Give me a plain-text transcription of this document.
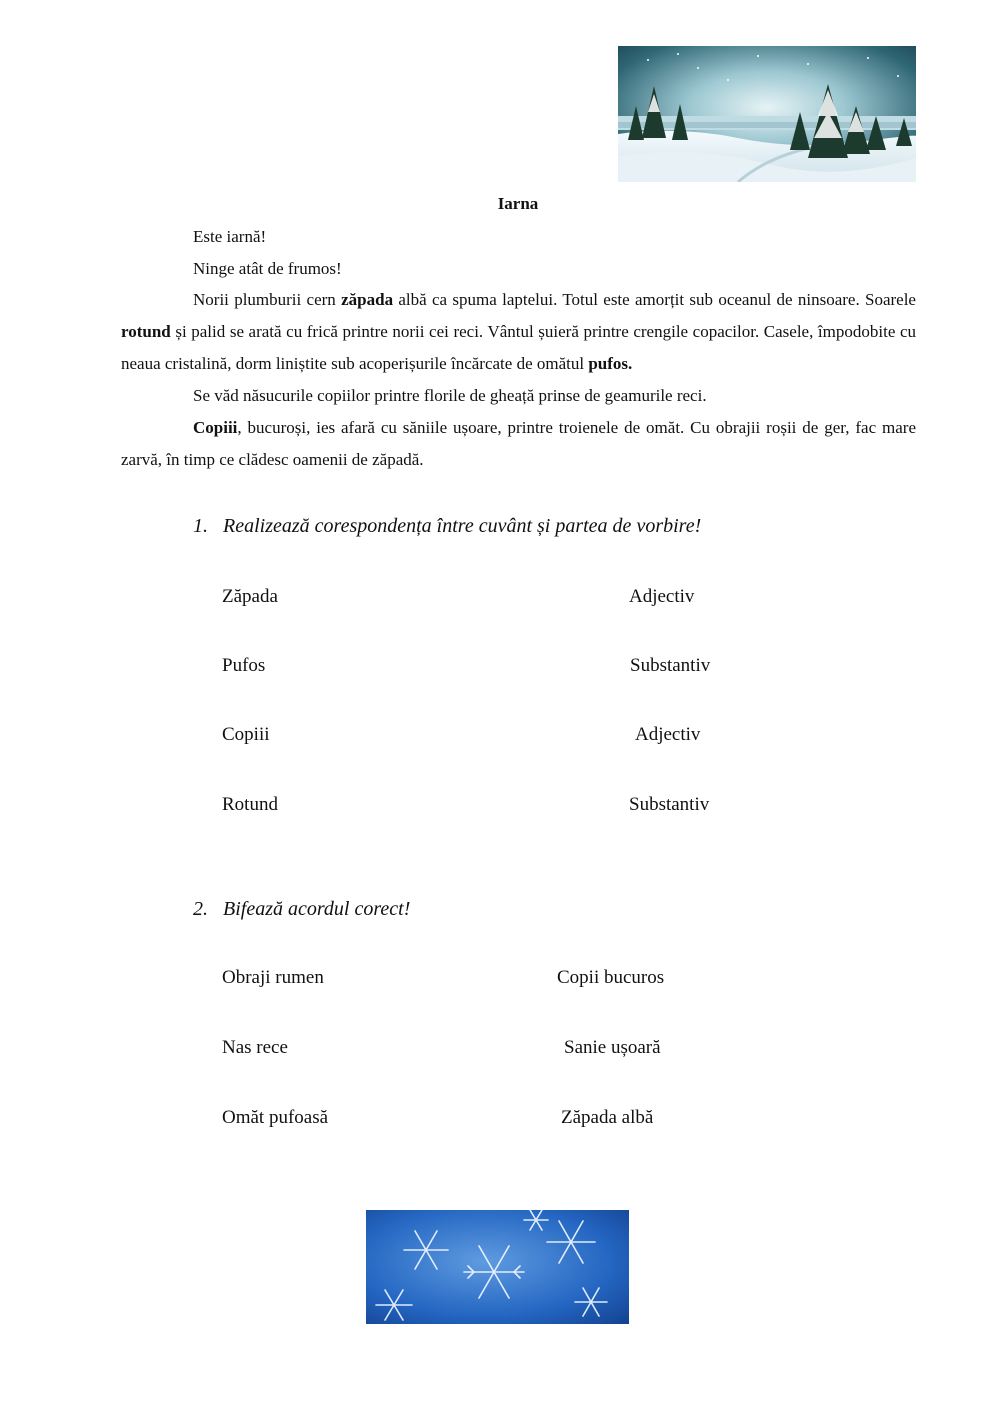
Iarna
Este iarnă!
Ninge atât de frumos!
Norii plumburii cern zăpada albă ca spuma laptelui. Totul este amorțit sub oceanul de ninsoare. Soarele rotund și palid se arată cu frică printre norii cei reci. Vântul șuieră printre crengile copacilor. Casele, împodobite cu neaua cristalină, dorm liniștite sub acoperișurile încărcate de omătul pufos.
Se văd năsucurile copiilor printre florile de gheață prinse de geamurile reci.
Copiii, bucuroși, ies afară cu săniile ușoare, printre troienele de omăt. Cu obrajii roșii de ger, fac mare zarvă, în timp ce clădesc oamenii de zăpadă.
1. Realizează corespondența între cuvânt și partea de vorbire!
Zăpada
Pufos
Copiii
Rotund
Adjectiv
Substantiv
Adjectiv
Substantiv
2. Bifează acordul corect!
Obraji rumen
Nas rece
Omăt pufoasă
Copii bucuros
Sanie ușoară
Zăpada albă
